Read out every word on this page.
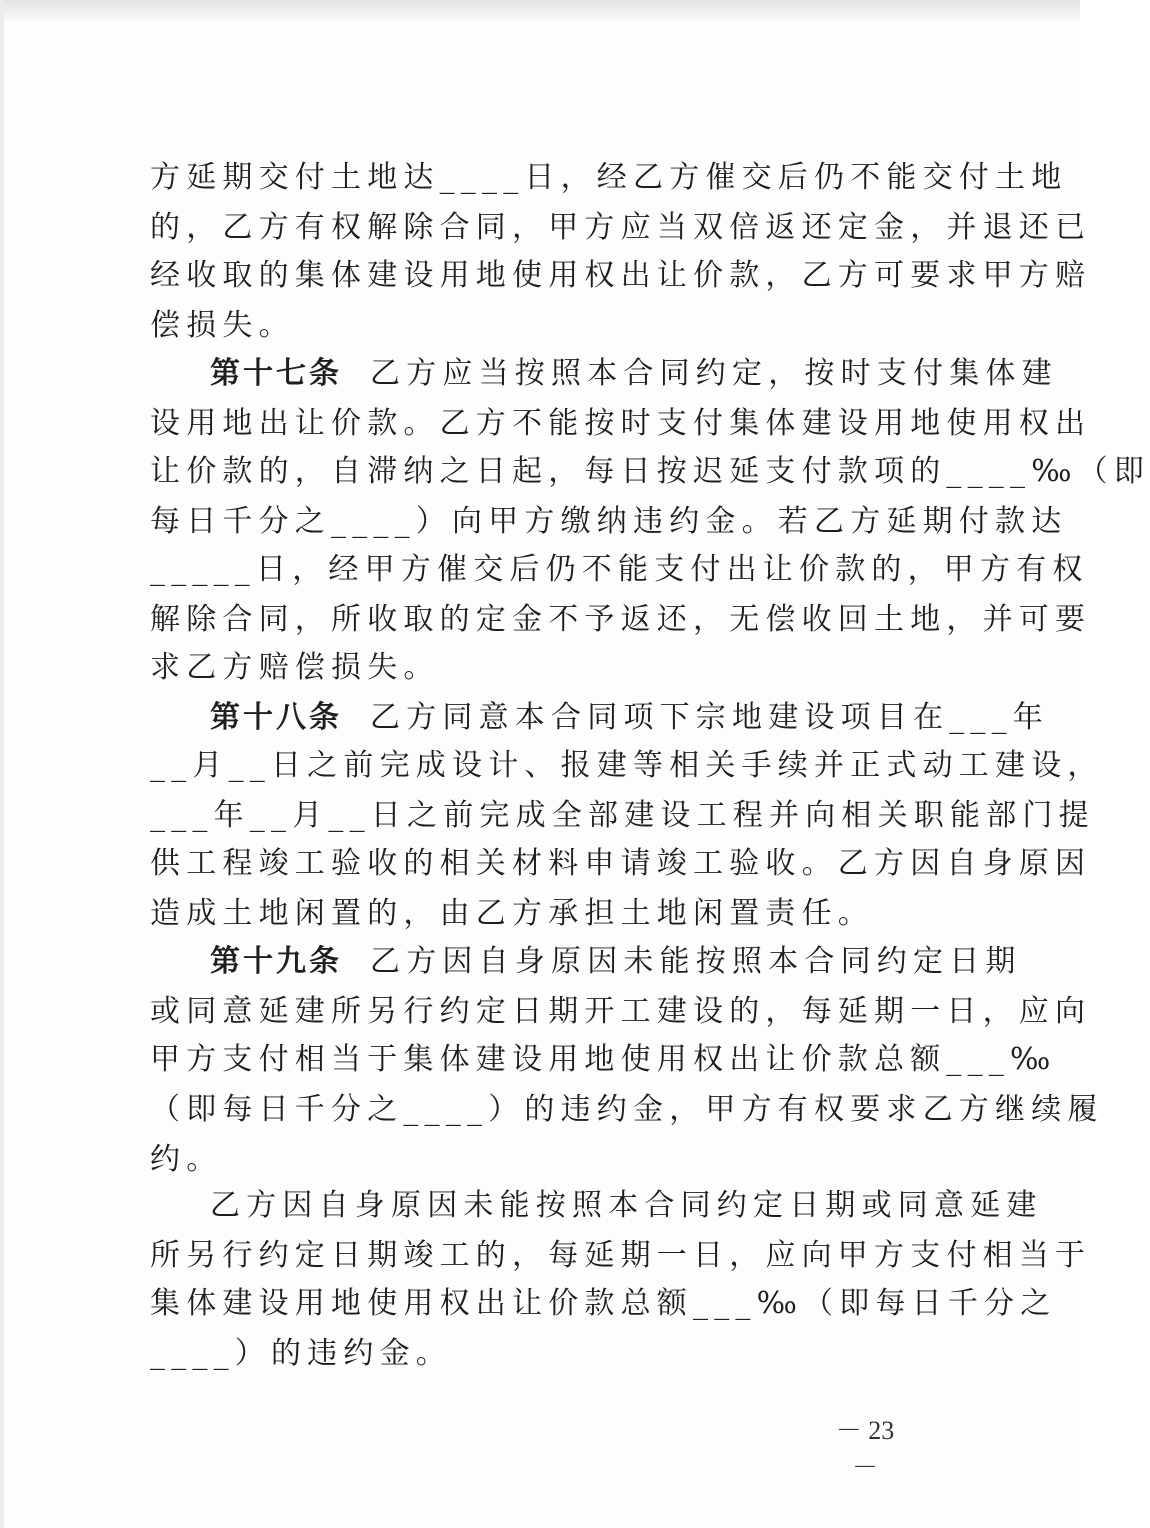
方延期交付土地达____日，经乙方催交后仍不能交付土地

的，乙方有权解除合同，甲方应当双倍返还定金，并退还已

经收取的集体建设用地使用权出让价款，乙方可要求甲方赔

偿损失。

第十七条 乙方应当按照本合同约定，按时支付集体建

设用地出让价款。乙方不能按时支付集体建设用地使用权出

让价款的，自滞纳之日起，每日按迟延支付款项的____‰（即

每日千分之____）向甲方缴纳违约金。若乙方延期付款达

_____日，经甲方催交后仍不能支付出让价款的，甲方有权

解除合同，所收取的定金不予返还，无偿收回土地，并可要

求乙方赔偿损失。

第十八条 乙方同意本合同项下宗地建设项目在___年

__月__日之前完成设计、报建等相关手续并正式动工建设，

___年__月__日之前完成全部建设工程并向相关职能部门提

供工程竣工验收的相关材料申请竣工验收。乙方因自身原因

造成土地闲置的，由乙方承担土地闲置责任。

第十九条 乙方因自身原因未能按照本合同约定日期

或同意延建所另行约定日期开工建设的，每延期一日，应向

甲方支付相当于集体建设用地使用权出让价款总额___‰

（即每日千分之____）的违约金，甲方有权要求乙方继续履

约。

乙方因自身原因未能按照本合同约定日期或同意延建

所另行约定日期竣工的，每延期一日，应向甲方支付相当于

集体建设用地使用权出让价款总额___‰（即每日千分之

____）的违约金。

－ 23 －
